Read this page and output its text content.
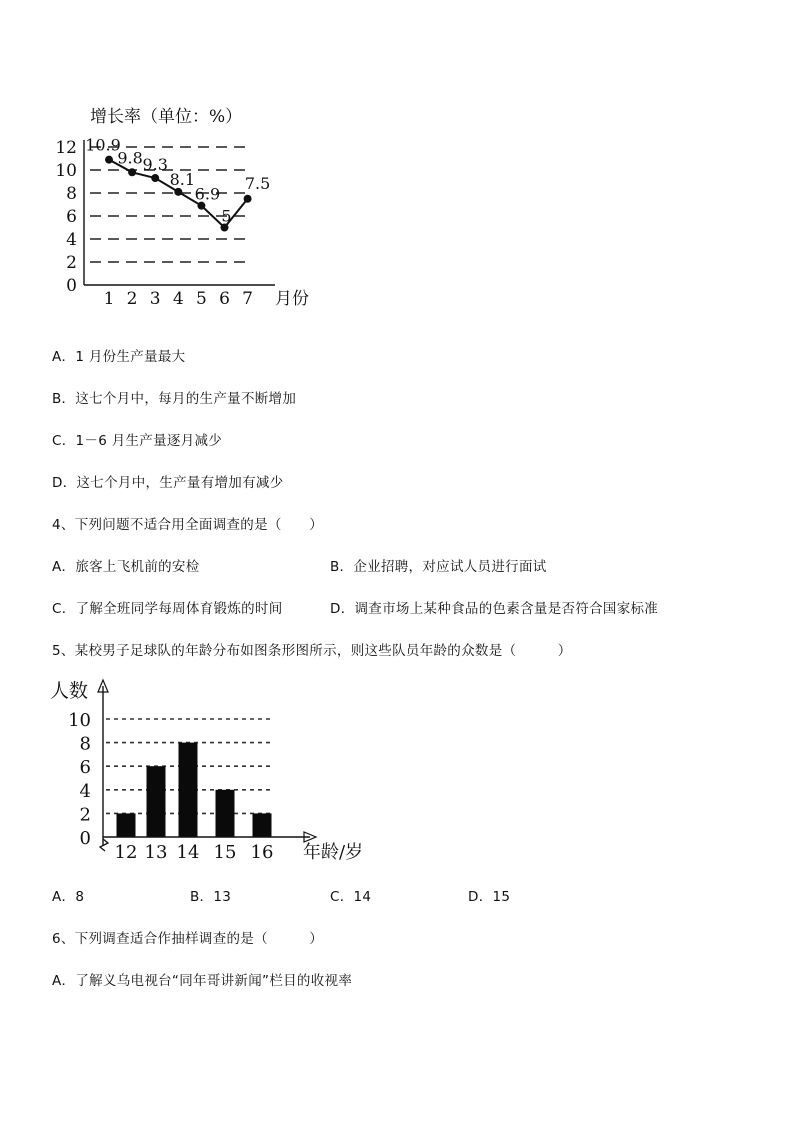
0
2
4
6
8
10
12
1 2 3 4 5 6 7
10.9
9.8 9.3
8.1
6.9
5
7.5
增长率（单位：%）
月份
A．1 月份生产量最大
B．这七个月中，每月的生产量不断增加
C．1－6 月生产量逐月减少
D．这七个月中，生产量有增加有减少
4、下列问题不适合用全面调查的是（　　）
A．旅客上飞机前的安检	B．企业招聘，对应试人员进行面试
C．了解全班同学每周体育锻炼的时间	D．调查市场上某种食品的色素含量是否符合国家标准
5、某校男子足球队的年龄分布如图条形图所示，则这些队员年龄的众数是（　　　）
0
2
4
6
8
10
12 13 14 15 16
人数
年龄/岁
A．8	B．13	C．14	D．15
6、下列调查适合作抽样调查的是（　　　）
A．了解义乌电视台“同年哥讲新闻”栏目的收视率
